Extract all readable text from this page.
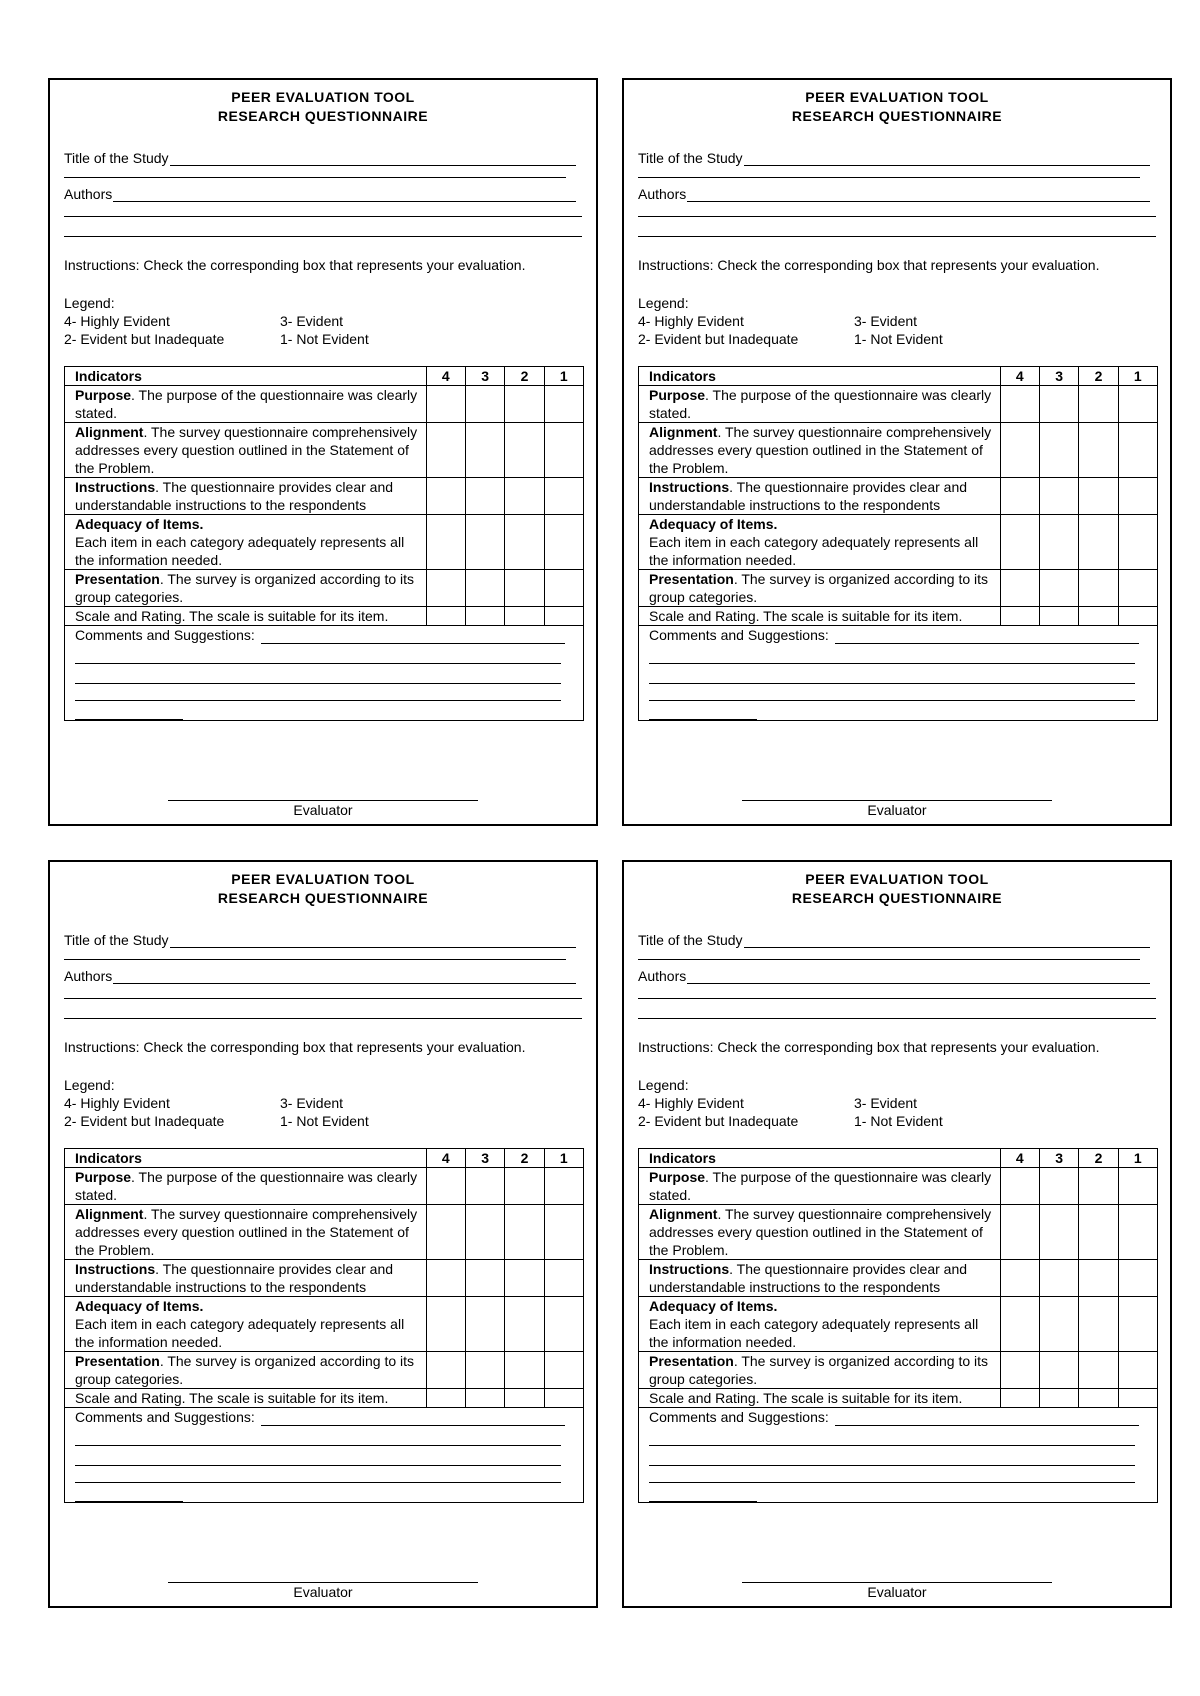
PEER EVALUATION TOOL
RESEARCH QUESTIONNAIRE
Title of the Study
Authors
Instructions: Check the corresponding box that represents your evaluation.
Legend:
4- Highly Evident	3- Evident
2- Evident but Inadequate	1- Not Evident
Indicators	4	3	2	1
Purpose. The purpose of the questionnaire was clearly stated.				
Alignment. The survey questionnaire comprehensively addresses every question outlined in the Statement of the Problem.				
Instructions. The questionnaire provides clear and understandable instructions to the respondents				
Adequacy of Items.
Each item in each category adequately represents all the information needed.				
Presentation. The survey is organized according to its group categories.				
Scale and Rating. The scale is suitable for its item.				

Comments and Suggestions:				
Evaluator
PEER EVALUATION TOOL
RESEARCH QUESTIONNAIRE
Title of the Study
Authors
Instructions: Check the corresponding box that represents your evaluation.
Legend:
4- Highly Evident	3- Evident
2- Evident but Inadequate	1- Not Evident
Indicators	4	3	2	1
Purpose. The purpose of the questionnaire was clearly stated.				
Alignment. The survey questionnaire comprehensively addresses every question outlined in the Statement of the Problem.				
Instructions. The questionnaire provides clear and understandable instructions to the respondents				
Adequacy of Items.
Each item in each category adequately represents all the information needed.				
Presentation. The survey is organized according to its group categories.				
Scale and Rating. The scale is suitable for its item.				

Comments and Suggestions:				
Evaluator
PEER EVALUATION TOOL
RESEARCH QUESTIONNAIRE
Title of the Study
Authors
Instructions: Check the corresponding box that represents your evaluation.
Legend:
4- Highly Evident	3- Evident
2- Evident but Inadequate	1- Not Evident
Indicators	4	3	2	1
Purpose. The purpose of the questionnaire was clearly stated.				
Alignment. The survey questionnaire comprehensively addresses every question outlined in the Statement of the Problem.				
Instructions. The questionnaire provides clear and understandable instructions to the respondents				
Adequacy of Items.
Each item in each category adequately represents all the information needed.				
Presentation. The survey is organized according to its group categories.				
Scale and Rating. The scale is suitable for its item.				

Comments and Suggestions:				
Evaluator
PEER EVALUATION TOOL
RESEARCH QUESTIONNAIRE
Title of the Study
Authors
Instructions: Check the corresponding box that represents your evaluation.
Legend:
4- Highly Evident	3- Evident
2- Evident but Inadequate	1- Not Evident
Indicators	4	3	2	1
Purpose. The purpose of the questionnaire was clearly stated.				
Alignment. The survey questionnaire comprehensively addresses every question outlined in the Statement of the Problem.				
Instructions. The questionnaire provides clear and understandable instructions to the respondents				
Adequacy of Items.
Each item in each category adequately represents all the information needed.				
Presentation. The survey is organized according to its group categories.				
Scale and Rating. The scale is suitable for its item.				

Comments and Suggestions:				
Evaluator
